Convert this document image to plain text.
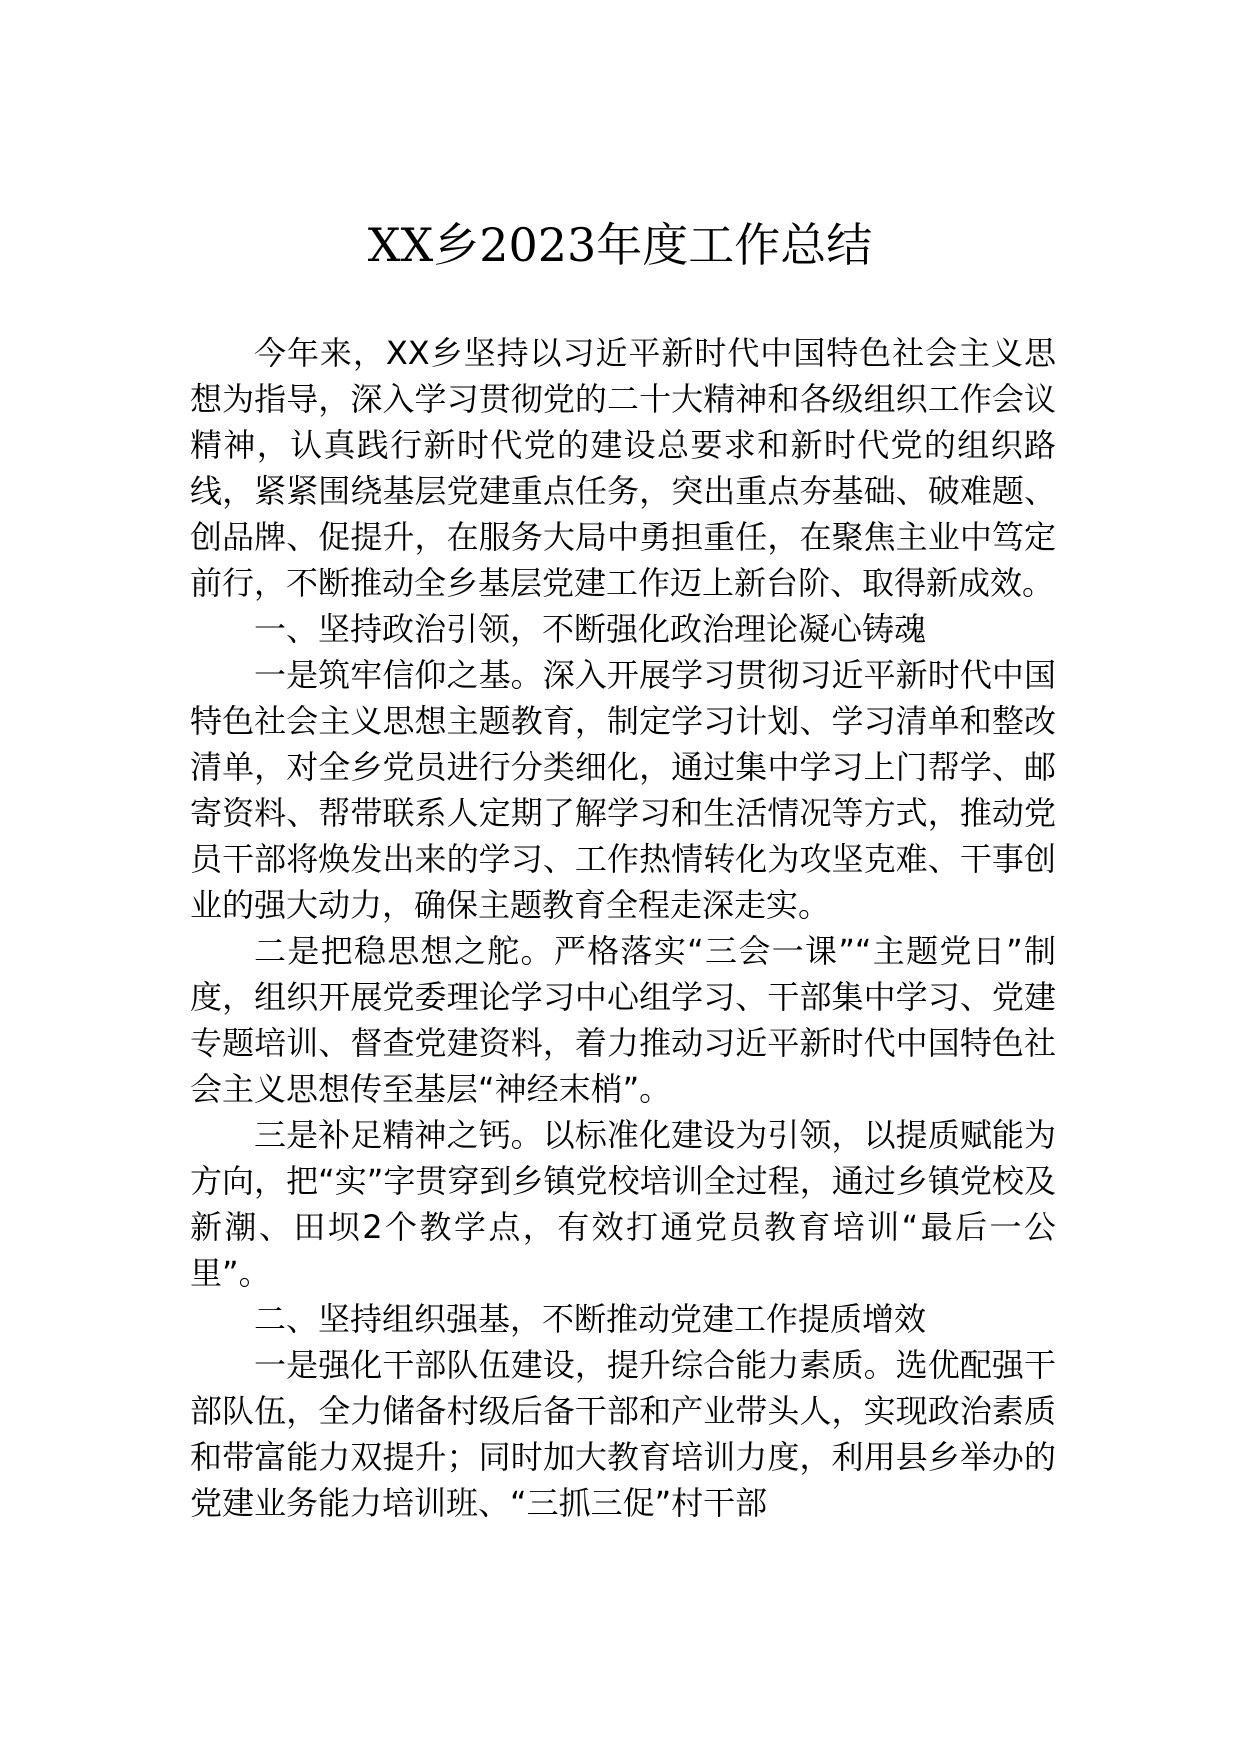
XX乡2023年度工作总结

今年来，XX乡坚持以习近平新时代中国特色社会主义思想为指导，深入学习贯彻党的二十大精神和各级组织工作会议精神，认真践行新时代党的建设总要求和新时代党的组织路线，紧紧围绕基层党建重点任务，突出重点夯基础、破难题、创品牌、促提升，在服务大局中勇担重任，在聚焦主业中笃定前行，不断推动全乡基层党建工作迈上新台阶、取得新成效。

一、坚持政治引领，不断强化政治理论凝心铸魂

一是筑牢信仰之基。深入开展学习贯彻习近平新时代中国特色社会主义思想主题教育，制定学习计划、学习清单和整改清单，对全乡党员进行分类细化，通过集中学习上门帮学、邮寄资料、帮带联系人定期了解学习和生活情况等方式，推动党员干部将焕发出来的学习、工作热情转化为攻坚克难、干事创业的强大动力，确保主题教育全程走深走实。

二是把稳思想之舵。严格落实“三会一课”“主题党日”制度，组织开展党委理论学习中心组学习、干部集中学习、党建专题培训、督查党建资料，着力推动习近平新时代中国特色社会主义思想传至基层“神经末梢”。

三是补足精神之钙。以标准化建设为引领，以提质赋能为方向，把“实”字贯穿到乡镇党校培训全过程，通过乡镇党校及新潮、田坝2个教学点，有效打通党员教育培训“最后一公里”。

二、坚持组织强基，不断推动党建工作提质增效

一是强化干部队伍建设，提升综合能力素质。选优配强干部队伍，全力储备村级后备干部和产业带头人，实现政治素质和带富能力双提升；同时加大教育培训力度，利用县乡举办的党建业务能力培训班、“三抓三促”村干部
